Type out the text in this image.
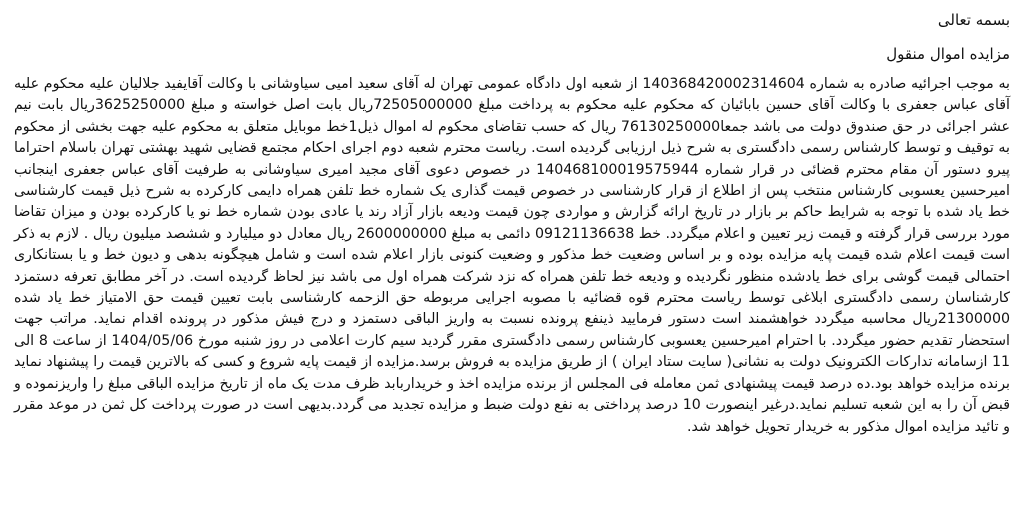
بسمه تعالی

مزایده اموال منقول

به موجب اجرائیه صادره به شماره 140368420002314604 از شعبه اول دادگاه عمومی تهران له آقای سعید امیی سیاوشانی با وکالت آقایفید جلالیان علیه محکوم علیه آقای عباس جعفری با وکالت آقای حسین بابائیان که محکوم علیه محکوم به پرداخت مبلغ 72505000000ریال بابت اصل خواسته و مبلغ 3625250000ریال بابت نیم عشر اجرائی در حق صندوق دولت می باشد جمعا76130250000 ریال که حسب تقاضای محکوم له اموال ذیل1خط موبایل متعلق به محکوم علیه جهت بخشی از محکوم به توقیف و توسط کارشناس رسمی دادگستری به شرح ذیل ارزیابی گردیده است. ریاست محترم شعبه دوم اجرای احکام مجتمع قضایی شهید بهشتی تهران باسلام احتراما پیرو دستور آن مقام محترم قضائی در قرار شماره 140468100019575944 در خصوص دعوی آقای مجید امیری سیاوشانی به طرفیت آقای عباس جعفری اینجانب امیرحسین یعسوبی کارشناس منتخب پس از اطلاع از قرار کارشناسی در خصوص قیمت گذاری یک شماره خط تلفن همراه دایمی کارکرده به شرح ذیل قیمت کارشناسی خط یاد شده با توجه به شرایط حاکم بر بازار در تاریخ ارائه گزارش و مواردی چون قیمت ودیعه بازار آزاد رند یا عادی بودن شماره خط نو یا کارکرده بودن و میزان تقاضا مورد بررسی قرار گرفته و قیمت زیر تعیین و اعلام میگردد. خط 09121136638 دائمی به مبلغ 2600000000 ریال معادل دو میلیارد و ششصد میلیون ریال . لازم به ذکر است قیمت اعلام شده قیمت پایه مزایده بوده و بر اساس وضعیت خط مذکور و وضعیت کنونی بازار اعلام شده است و شامل هیچگونه بدهی و دیون خط و یا بستانکاری احتمالی قیمت گوشی برای خط یادشده منظور نگردیده و ودیعه خط تلفن همراه که نزد شرکت همراه اول می باشد نیز لحاظ گردیده است. در آخر مطابق تعرفه دستمزد کارشناسان رسمی دادگستری ابلاغی توسط ریاست محترم قوه قضائیه با مصوبه اجرایی مربوطه حق الزحمه کارشناسی بابت تعیین قیمت حق الامتیاز خط یاد شده 21300000ریال محاسبه میگردد خواهشمند است دستور فرمایید ذینفع پرونده نسبت به واریز الباقی دستمزد و درج فیش مذکور در پرونده اقدام نماید. مراتب جهت استحضار تقدیم حضور میگردد. با احترام امیرحسین یعسوبی کارشناس رسمی دادگستری مقرر گردید سیم کارت اعلامی در روز شنبه مورخ 1404/05/06 از ساعت 8 الی 11 ازسامانه تدارکات الکترونیک دولت به نشانی( سایت ستاد ایران ) از طریق مزایده به فروش برسد.مزایده از قیمت پایه شروع و کسی که بالاترین قیمت را پیشنهاد نماید برنده مزایده خواهد بود.ده درصد قیمت پیشنهادی ثمن معامله فی المجلس از برنده مزایده اخذ و خریداربابد ظرف مدت یک ماه از تاریخ مزایده الباقی مبلغ را واریزنموده و قبض آن را به این شعبه تسلیم نماید.درغیر اینصورت 10 درصد پرداختی به نفع دولت ضبط و مزایده تجدید می گردد.بدیهی است در صورت پرداخت کل ثمن در موعد مقرر و تائید مزایده اموال مذکور به خریدار تحویل خواهد شد.
